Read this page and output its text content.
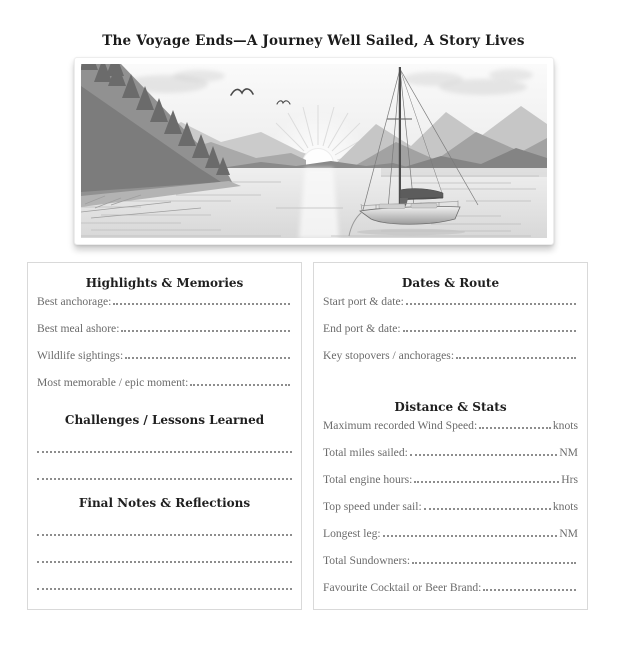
The Voyage Ends—A Journey Well Sailed, A Story Lives
Highlights & Memories
Best anchorage:
Best meal ashore:
Wildlife sightings:
Most memorable / epic moment:
Challenges / Lessons Learned
Final Notes & Reflections
Dates & Route
Start port & date:
End port & date:
Key stopovers / anchorages:
Distance & Stats
Maximum recorded Wind Speed:	knots
Total miles sailed:	NM
Total engine hours:	Hrs
Top speed under sail:	knots
Longest leg:	NM
Total Sundowners:
Favourite Cocktail or Beer Brand:
